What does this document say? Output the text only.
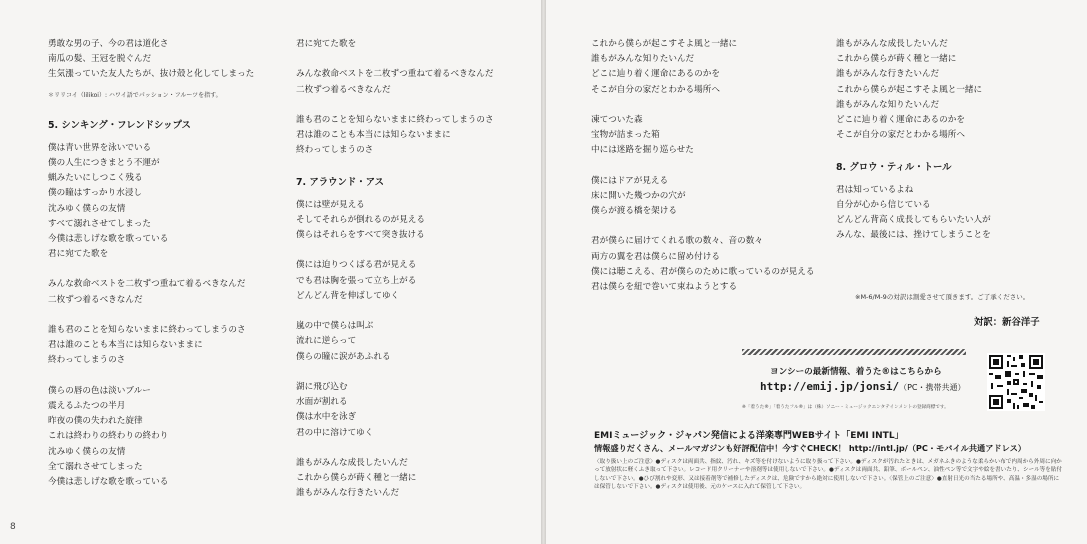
勇敢な男の子、今の君は道化さ
南瓜の髪、王冠を脱ぐんだ
生気漲っていた友人たちが、抜け殻と化してしまった
＊リリコイ（lilikoi）: ハワイ語でパッション・フルーツを指す。
5. シンキング・フレンドシップス
僕は青い世界を泳いでいる
僕の人生につきまとう不運が
蝋みたいにしつこく残る
僕の瞳はすっかり水浸し
沈みゆく僕らの友情
すべて溺れさせてしまった
今僕は悲しげな歌を歌っている
君に宛てた歌を
みんな救命ベストを二枚ずつ重ねて着るべきなんだ
二枚ずつ着るべきなんだ
誰も君のことを知らないままに終わってしまうのさ
君は誰のことも本当には知らないままに
終わってしまうのさ
僕らの唇の色は淡いブルー
震えるふたつの半月
昨夜の僕の失われた旋律
これは終わりの終わりの終わり
沈みゆく僕らの友情
全て溺れさせてしまった
今僕は悲しげな歌を歌っている
君に宛てた歌を
みんな救命ベストを二枚ずつ重ねて着るべきなんだ
二枚ずつ着るべきなんだ
誰も君のことを知らないままに終わってしまうのさ
君は誰のことも本当には知らないままに
終わってしまうのさ
7. アラウンド・アス
僕には壁が見える
そしてそれらが倒れるのが見える
僕らはそれらをすべて突き抜ける
僕には迫りつくばる君が見える
でも君は胸を張って立ち上がる
どんどん背を伸ばしてゆく
嵐の中で僕らは叫ぶ
流れに逆らって
僕らの瞳に涙があふれる
湖に飛び込む
水面が割れる
僕は水中を泳ぎ
君の中に溶けてゆく
誰もがみんな成長したいんだ
これから僕らが蒔く種と一緒に
誰もがみんな行きたいんだ
8
これから僕らが起こすそよ風と一緒に
誰もがみんな知りたいんだ
どこに辿り着く運命にあるのかを
そこが自分の家だとわかる場所へ
凍てついた森
宝物が詰まった箱
中には迷路を掘り巡らせた
僕にはドアが見える
床に開いた幾つかの穴が
僕らが渡る橋を架ける
君が僕らに届けてくれる歌の数々、音の数々
両方の翼を君は僕らに留め付ける
僕には聴こえる、君が僕らのために歌っているのが見える
君は僕らを紐で巻いて束ねようとする
誰もがみんな成長したいんだ
これから僕らが蒔く種と一緒に
誰もがみんな行きたいんだ
これから僕らが起こすそよ風と一緒に
誰もがみんな知りたいんだ
どこに辿り着く運命にあるのかを
そこが自分の家だとわかる場所へ
8. グロウ・ティル・トール
君は知っているよね
自分が心から信じている
どんどん背高く成長してもらいたい人が
みんな、最後には、挫けてしまうことを
※M-6/M-9の対訳は割愛させて頂きます。ご了承ください。
対訳：新谷洋子
ヨンシーの最新情報、着うた®はこちらから
http://emij.jp/jonsi/（PC・携帯共通）
※「着うた®」「着うたフル®」は（株）ソニー・ミュージックエンタテインメントの登録商標です。
EMIミュージック・ジャパン発信による洋楽専門WEBサイト「EMI INTL」
情報盛りだくさん、メールマガジンも好評配信中！今すぐCHECK！ http://intl.jp/（PC・モバイル共通アドレス）
〈取り扱い上のご注意〉●ディスクは両面共、指紋、汚れ、キズ等を付けないように取り扱って下さい。●ディスクが汚れたときは、メガネふきのような柔らかい布で内周から外周に向かって放射状に軽くふき取って下さい。レコード用クリーナーや溶剤等は使用しないで下さい。●ディスクは両面共、鉛筆、ボールペン、油性ペン等で文字や絵を書いたり、シール等を貼付しないで下さい。●ひび割れや変形、又は接着剤等で補修したディスクは、危険ですから絶対に使用しないで下さい。〈保管上のご注意〉●直射日光の当たる場所や、高温・多湿の場所には保管しないで下さい。●ディスクは使用後、元のケースに入れて保管して下さい。
